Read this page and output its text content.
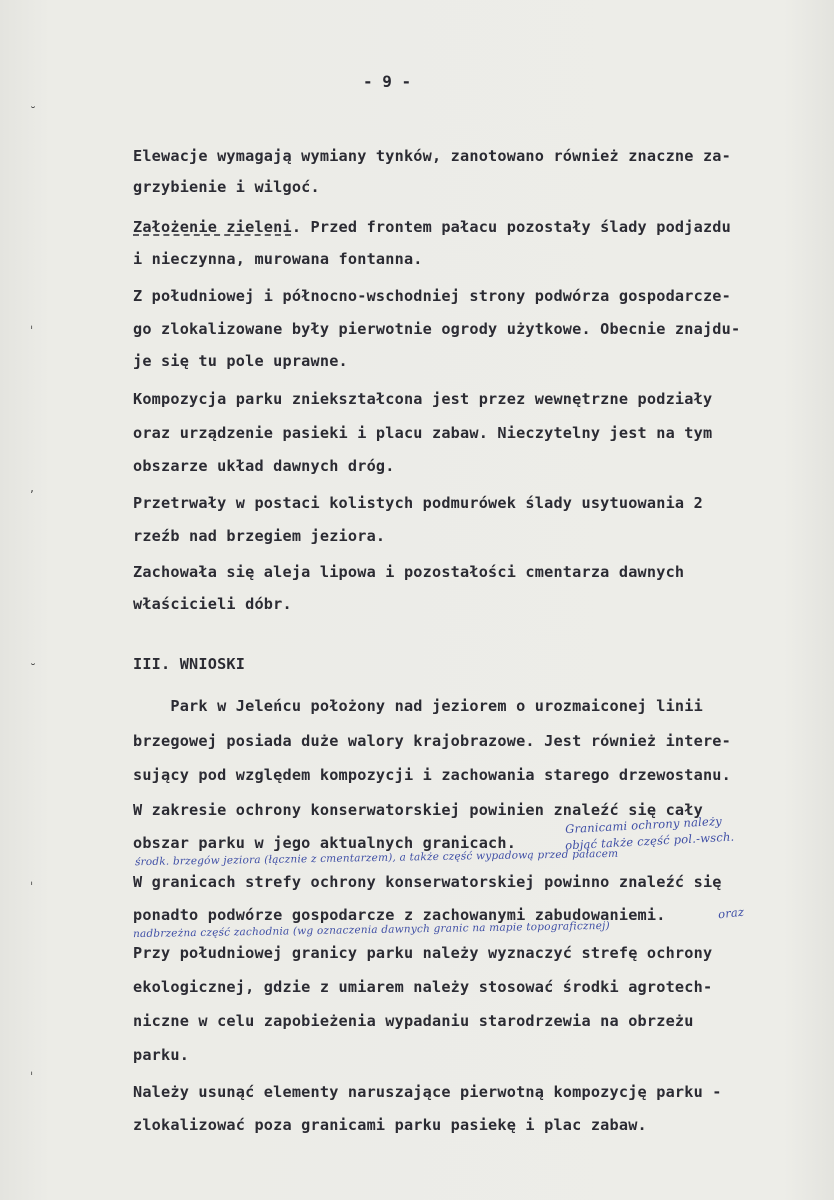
- 9 -
˘
ˌ
ʼ
˘
ˌ
ˌ
Elewacje wymagają wymiany tynków, zanotowano również znaczne za-
grzybienie i wilgoć.
Założenie zieleni. Przed frontem pałacu pozostały ślady podjazdu
i nieczynna, murowana fontanna.
Z południowej i północno-wschodniej strony podwórza gospodarcze-
go zlokalizowane były pierwotnie ogrody użytkowe. Obecnie znajdu-
je się tu pole uprawne.
Kompozycja parku zniekształcona jest przez wewnętrzne podziały
oraz urządzenie pasieki i placu zabaw. Nieczytelny jest na tym
obszarze układ dawnych dróg.
Przetrwały w postaci kolistych podmurówek ślady usytuowania 2
rzeźb nad brzegiem jeziora.
Zachowała się aleja lipowa i pozostałości cmentarza dawnych
właścicieli dóbr.
III. WNIOSKI
Park w Jeleńcu położony nad jeziorem o urozmaiconej linii
brzegowej posiada duże walory krajobrazowe. Jest również intere-
sujący pod względem kompozycji i zachowania starego drzewostanu.
W zakresie ochrony konserwatorskiej powinien znaleźć się cały
obszar parku w jego aktualnych granicach.
Granicami ochrony należy
objąć także część pol.-wsch.
środk. brzegów jeziora (łącznie z cmentarzem), a także część wypadową przed pałacem
W granicach strefy ochrony konserwatorskiej powinno znaleźć się
ponadto podwórze gospodarcze z zachowanymi zabudowaniemi.	oraz
nadbrzeżna część zachodnia (wg oznaczenia dawnych granic na mapie topograficznej)
Przy południowej granicy parku należy wyznaczyć strefę ochrony
ekologicznej, gdzie z umiarem należy stosować środki agrotech-
niczne w celu zapobieżenia wypadaniu starodrzewia na obrzeżu
parku.
Należy usunąć elementy naruszające pierwotną kompozycję parku -
zlokalizować poza granicami parku pasiekę i plac zabaw.
